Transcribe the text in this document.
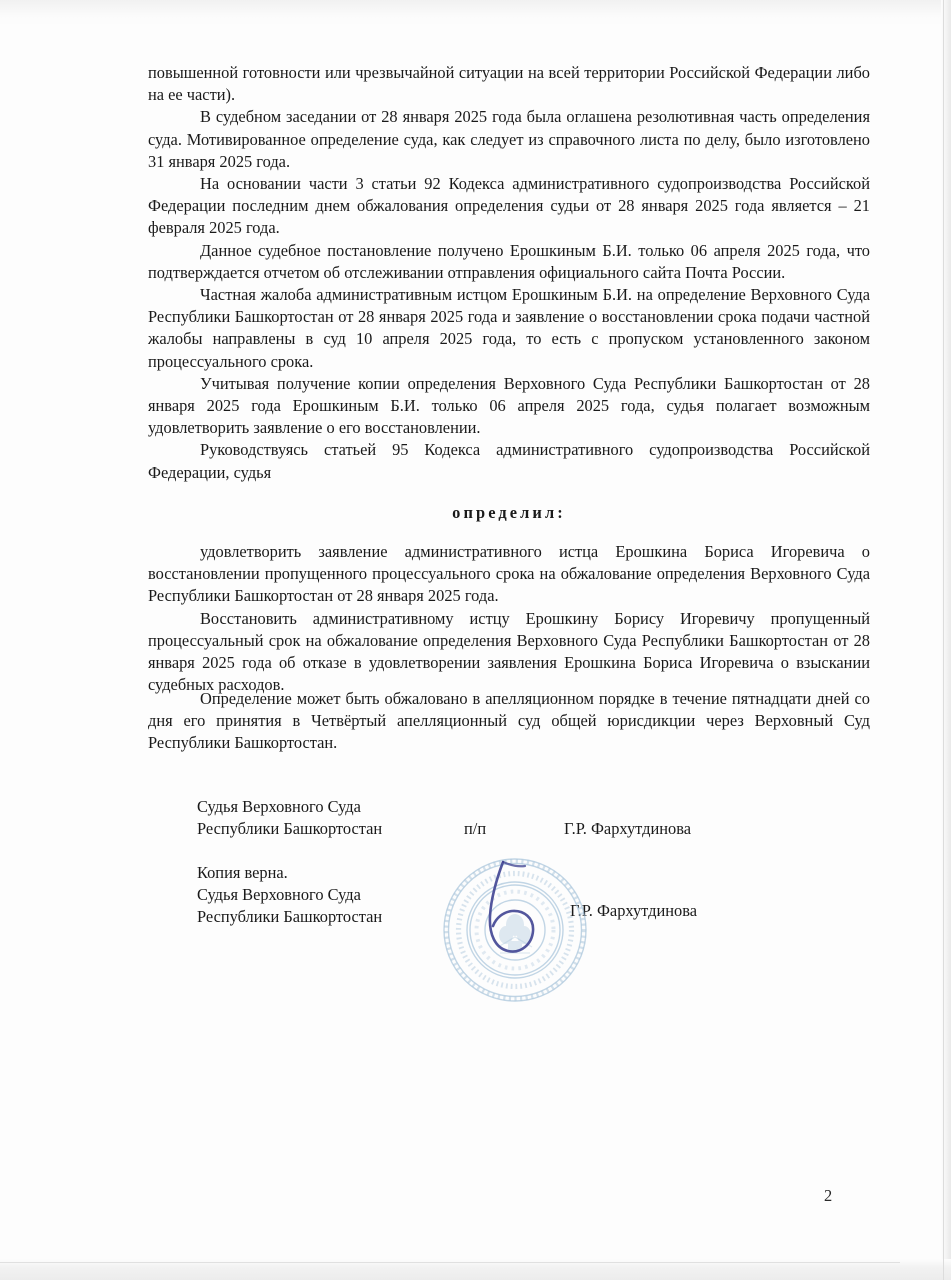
повышенной готовности или чрезвычайной ситуации на всей территории Российской Федерации либо на ее части).

В судебном заседании от 28 января 2025 года была оглашена резолютивная часть определения суда. Мотивированное определение суда, как следует из справочного листа по делу, было изготовлено 31 января 2025 года.

На основании части 3 статьи 92 Кодекса административного судопроизводства Российской Федерации последним днем обжалования определения судьи от 28 января 2025 года является – 21 февраля 2025 года.

Данное судебное постановление получено Ерошкиным Б.И. только 06 апреля 2025 года, что подтверждается отчетом об отслеживании отправления официального сайта Почта России.

Частная жалоба административным истцом Ерошкиным Б.И. на определение Верховного Суда Республики Башкортостан от 28 января 2025 года и заявление о восстановлении срока подачи частной жалобы направлены в суд 10 апреля 2025 года, то есть с пропуском установленного законом процессуального срока.

Учитывая получение копии определения Верховного Суда Республики Башкортостан от 28 января 2025 года Ерошкиным Б.И. только 06 апреля 2025 года, судья полагает возможным удовлетворить заявление о его восстановлении.

Руководствуясь статьей 95 Кодекса административного судопроизводства Российской Федерации, судья

определил:

удовлетворить заявление административного истца Ерошкина Бориса Игоревича о восстановлении пропущенного процессуального срока на обжалование определения Верховного Суда Республики Башкортостан от 28 января 2025 года.

Восстановить административному истцу Ерошкину Борису Игоревичу пропущенный процессуальный срок на обжалование определения Верховного Суда Республики Башкортостан от 28 января 2025 года об отказе в удовлетворении заявления Ерошкина Бориса Игоревича о взыскании судебных расходов.

Определение может быть обжаловано в апелляционном порядке в течение пятнадцати дней со дня его принятия в Четвёртый апелляционный суд общей юрисдикции через Верховный Суд Республики Башкортостан.

Судья Верховного Суда
Республики Башкортостан	п/п	Г.Р. Фархутдинова
Копия верна.
Судья Верховного Суда
Республики Башкортостан	Г.Р. Фархутдинова
2
